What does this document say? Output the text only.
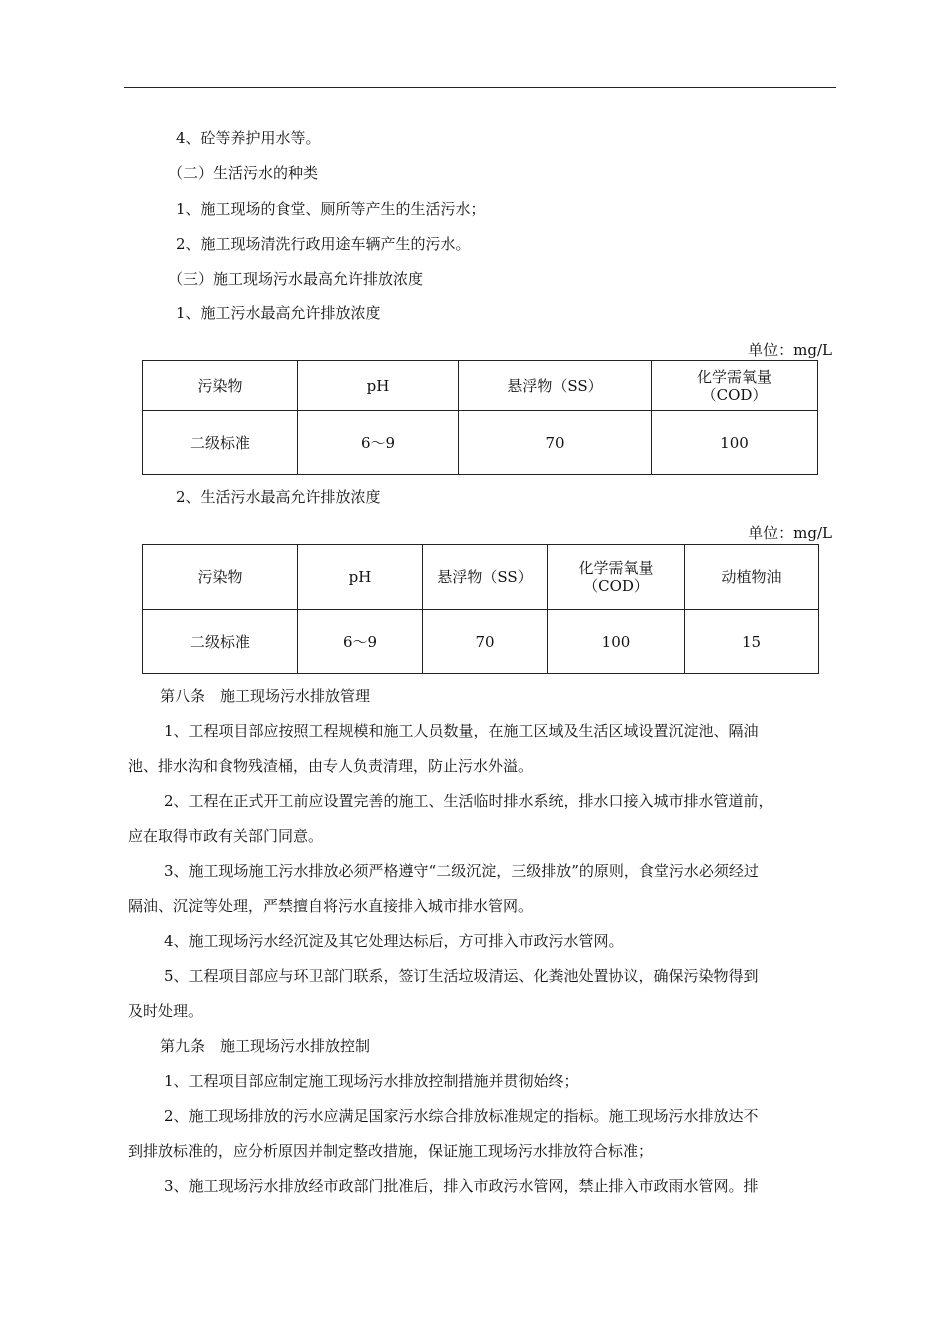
4、砼等养护用水等。
（二）生活污水的种类
1、施工现场的食堂、厕所等产生的生活污水；
2、施工现场清洗行政用途车辆产生的污水。
（三）施工现场污水最高允许排放浓度
1、施工污水最高允许排放浓度
单位：mg/L
污染物	pH	悬浮物（SS）	化学需氧量
（COD）

二级标准	6～9	70	100
2、生活污水最高允许排放浓度
单位：mg/L
污染物	pH	悬浮物（SS）	化学需氧量
（COD）	动植物油
二级标准	6～9	70	100	15
第八条　施工现场污水排放管理
1、工程项目部应按照工程规模和施工人员数量，在施工区域及生活区域设置沉淀池、隔油
池、排水沟和食物残渣桶，由专人负责清理，防止污水外溢。
2、工程在正式开工前应设置完善的施工、生活临时排水系统，排水口接入城市排水管道前，
应在取得市政有关部门同意。
3、施工现场施工污水排放必须严格遵守“二级沉淀，三级排放”的原则，食堂污水必须经过
隔油、沉淀等处理，严禁擅自将污水直接排入城市排水管网。
4、施工现场污水经沉淀及其它处理达标后，方可排入市政污水管网。
5、工程项目部应与环卫部门联系，签订生活垃圾清运、化粪池处置协议，确保污染物得到
及时处理。
第九条　施工现场污水排放控制
1、工程项目部应制定施工现场污水排放控制措施并贯彻始终；
2、施工现场排放的污水应满足国家污水综合排放标准规定的指标。施工现场污水排放达不
到排放标准的，应分析原因并制定整改措施，保证施工现场污水排放符合标准；
3、施工现场污水排放经市政部门批准后，排入市政污水管网，禁止排入市政雨水管网。排
